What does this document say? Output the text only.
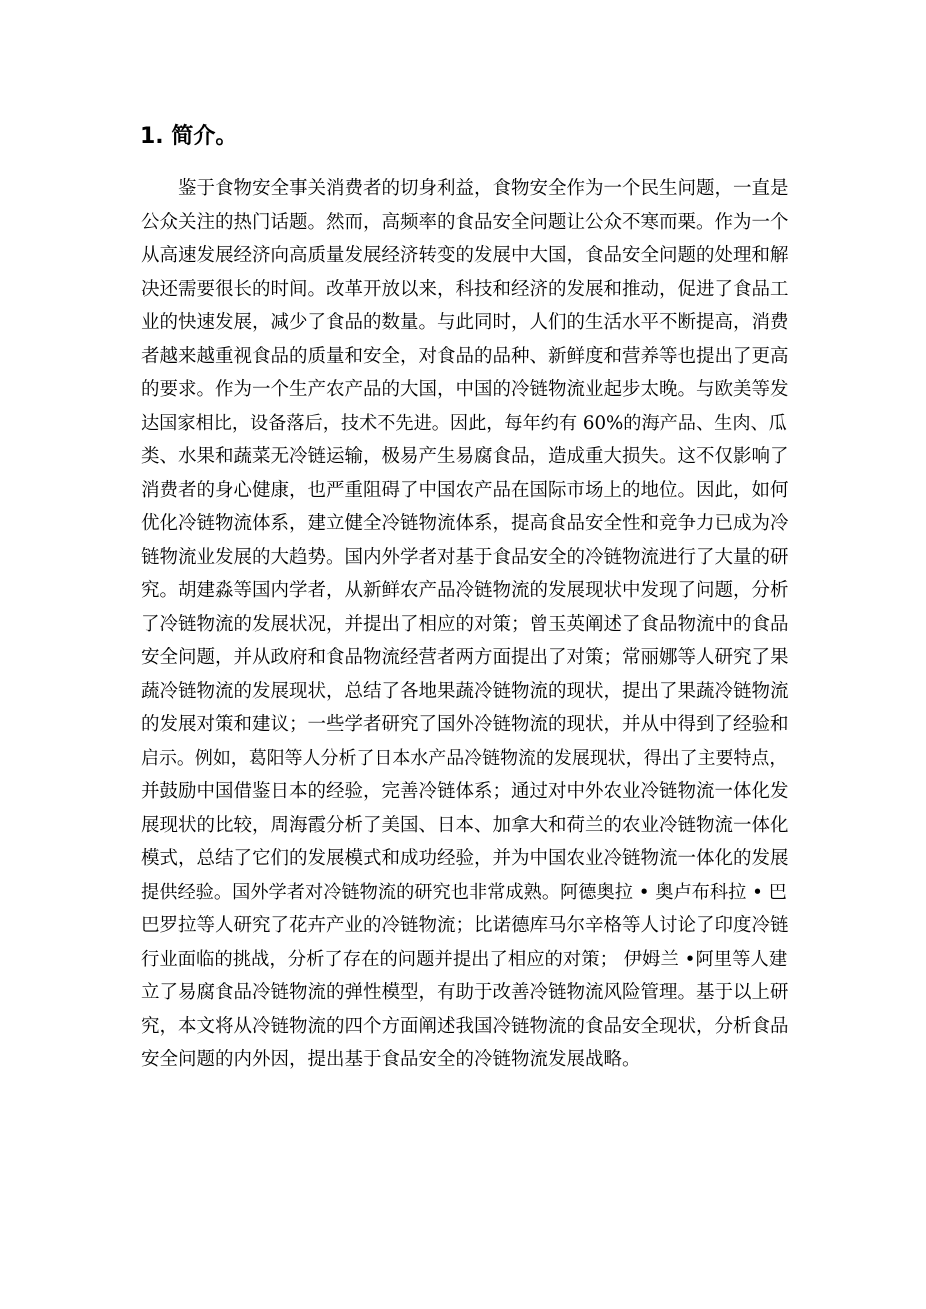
1. 简介。
鉴于食物安全事关消费者的切身利益，食物安全作为一个民生问题，一直是
公众关注的热门话题。然而，高频率的食品安全问题让公众不寒而栗。作为一个
从高速发展经济向高质量发展经济转变的发展中大国，食品安全问题的处理和解
决还需要很长的时间。改革开放以来，科技和经济的发展和推动，促进了食品工
业的快速发展，减少了食品的数量。与此同时，人们的生活水平不断提高，消费
者越来越重视食品的质量和安全，对食品的品种、新鲜度和营养等也提出了更高
的要求。作为一个生产农产品的大国，中国的冷链物流业起步太晚。与欧美等发
达国家相比，设备落后，技术不先进。因此，每年约有 60%的海产品、生肉、瓜
类、水果和蔬菜无冷链运输，极易产生易腐食品，造成重大损失。这不仅影响了
消费者的身心健康，也严重阻碍了中国农产品在国际市场上的地位。因此，如何
优化冷链物流体系，建立健全冷链物流体系，提高食品安全性和竞争力已成为冷
链物流业发展的大趋势。国内外学者对基于食品安全的冷链物流进行了大量的研
究。胡建淼等国内学者，从新鲜农产品冷链物流的发展现状中发现了问题，分析
了冷链物流的发展状况，并提出了相应的对策；曾玉英阐述了食品物流中的食品
安全问题，并从政府和食品物流经营者两方面提出了对策；常丽娜等人研究了果
蔬冷链物流的发展现状，总结了各地果蔬冷链物流的现状，提出了果蔬冷链物流
的发展对策和建议；一些学者研究了国外冷链物流的现状，并从中得到了经验和
启示。例如，葛阳等人分析了日本水产品冷链物流的发展现状，得出了主要特点，
并鼓励中国借鉴日本的经验，完善冷链体系；通过对中外农业冷链物流一体化发
展现状的比较，周海霞分析了美国、日本、加拿大和荷兰的农业冷链物流一体化
模式，总结了它们的发展模式和成功经验，并为中国农业冷链物流一体化的发展
提供经验。国外学者对冷链物流的研究也非常成熟。阿德奥拉 • 奥卢布科拉 • 巴
巴罗拉等人研究了花卉产业的冷链物流；比诺德库马尔辛格等人讨论了印度冷链
行业面临的挑战，分析了存在的问题并提出了相应的对策； 伊姆兰 •阿里等人建
立了易腐食品冷链物流的弹性模型，有助于改善冷链物流风险管理。基于以上研
究，本文将从冷链物流的四个方面阐述我国冷链物流的食品安全现状，分析食品
安全问题的内外因，提出基于食品安全的冷链物流发展战略。
